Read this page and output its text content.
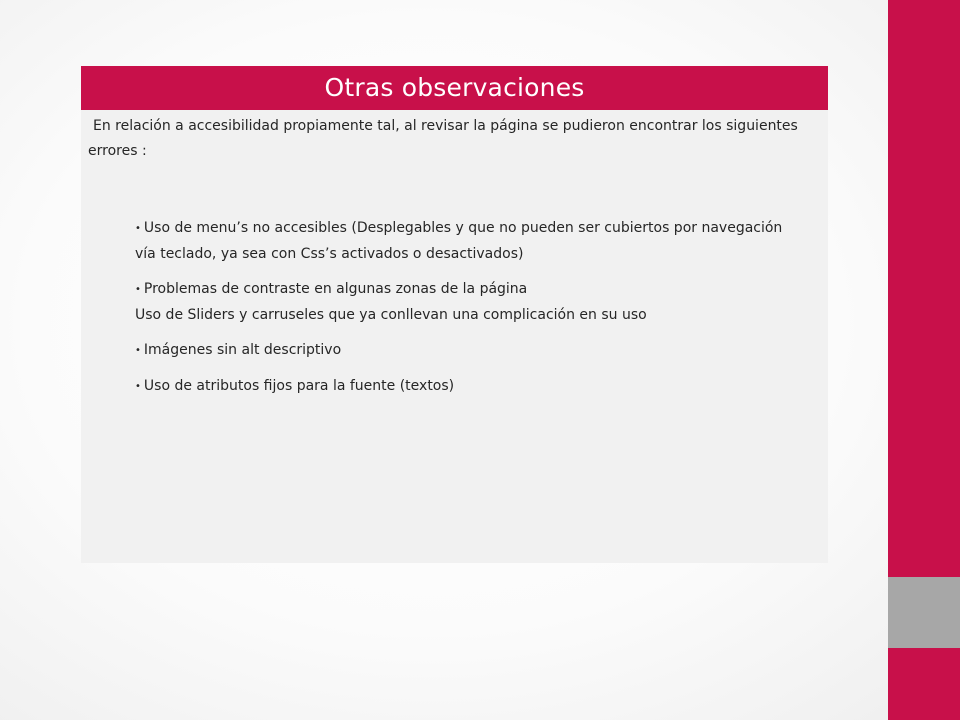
Otras observaciones
En relación a accesibilidad propiamente tal, al revisar la página se pudieron encontrar los siguientes errores :
• Uso de menu’s no accesibles (Desplegables y que no pueden ser cubiertos por navegación vía teclado, ya sea con Css’s activados o desactivados)
• Problemas de contraste en algunas zonas de la página
Uso de Sliders y carruseles que ya conllevan una complicación en su uso
• Imágenes sin alt descriptivo
• Uso de atributos fijos para la fuente (textos)
